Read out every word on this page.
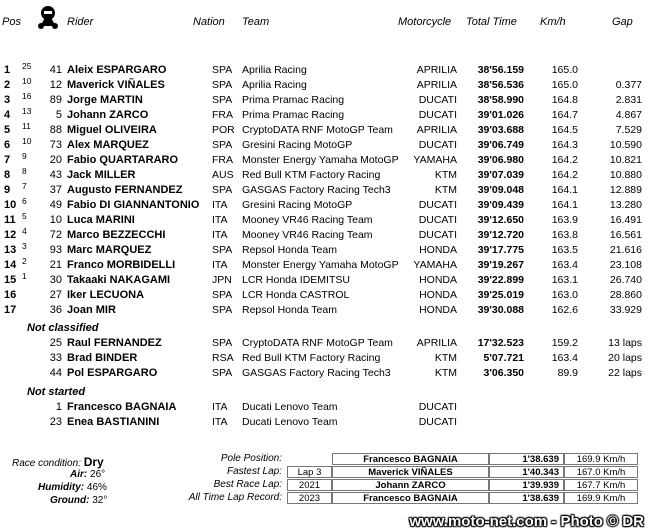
Pos	Rider	Nation Team	Motorcycle Total Time Km/h	Gap
1	25	41 Aleix ESPARGARO	SPA Aprilia Racing	APRILIA	38'56.159	165.0
2	10	12 Maverick VIÑALES	SPA Aprilia Racing	APRILIA	38'56.536	165.0	0.377
3	16	89 Jorge MARTIN	SPA Prima Pramac Racing	DUCATI	38'58.990	164.8	2.831
4	13	5 Johann ZARCO	FRA Prima Pramac Racing	DUCATI	39'01.026	164.7	4.867
5	11	88 Miguel OLIVEIRA	POR CryptoDATA RNF MotoGP Team	APRILIA	39'03.688	164.5	7.529
6	10	73 Alex MARQUEZ	SPA Gresini Racing MotoGP	DUCATI	39'06.749	164.3	10.590
7	9	20 Fabio QUARTARARO	FRA Monster Energy Yamaha MotoGP	YAMAHA	39'06.980	164.2	10.821
8	8	43 Jack MILLER	AUS Red Bull KTM Factory Racing	KTM	39'07.039	164.2	10.880
9	7	37 Augusto FERNANDEZ	SPA GASGAS Factory Racing Tech3	KTM	39'09.048	164.1	12.889
10 6	49 Fabio DI GIANNANTONIO ITA Gresini Racing MotoGP	DUCATI	39'09.439	164.1	13.280
11 5	10 Luca MARINI	ITA Mooney VR46 Racing Team	DUCATI	39'12.650	163.9	16.491
12 4	72 Marco BEZZECCHI	ITA Mooney VR46 Racing Team	DUCATI	39'12.720	163.8	16.561
13 3	93 Marc MARQUEZ	SPA Repsol Honda Team	HONDA	39'17.775	163.5	21.616
14 2	21 Franco MORBIDELLI	ITA Monster Energy Yamaha MotoGP	YAMAHA	39'19.267	163.4	23.108
15 1	30 Takaaki NAKAGAMI	JPN LCR Honda IDEMITSU	HONDA	39'22.899	163.1	26.740
16	27 Iker LECUONA	SPA LCR Honda CASTROL	HONDA	39'25.019	163.0	28.860
17	36 Joan MIR	SPA Repsol Honda Team	HONDA	39'30.088	162.6	33.929
Not classified
25 Raul FERNANDEZ	SPA CryptoDATA RNF MotoGP Team	APRILIA	17'32.523	159.2	13 laps
33 Brad BINDER	RSA Red Bull KTM Factory Racing	KTM	5'07.721	163.4	20 laps
44 Pol ESPARGARO	SPA GASGAS Factory Racing Tech3	KTM	3'06.350	89.9	22 laps
Not started
1 Francesco BAGNAIA	ITA Ducati Lenovo Team	DUCATI
23 Enea BASTIANINI	ITA Ducati Lenovo Team	DUCATI
Race condition: Dry
Air: 26°
Humidity: 46%
Ground: 32°
Pole Position:	Francesco BAGNAIA	1'38.639	169.9 Km/h
Fastest Lap:	Lap 3	Maverick VIÑALES	1'40.343	167.0 Km/h
Best Race Lap:	2021	Johann ZARCO	1'39.939	167.7 Km/h
All Time Lap Record:	2023	Francesco BAGNAIA	1'38.639	169.9 Km/h
www.moto-net.com - Photo © DR
